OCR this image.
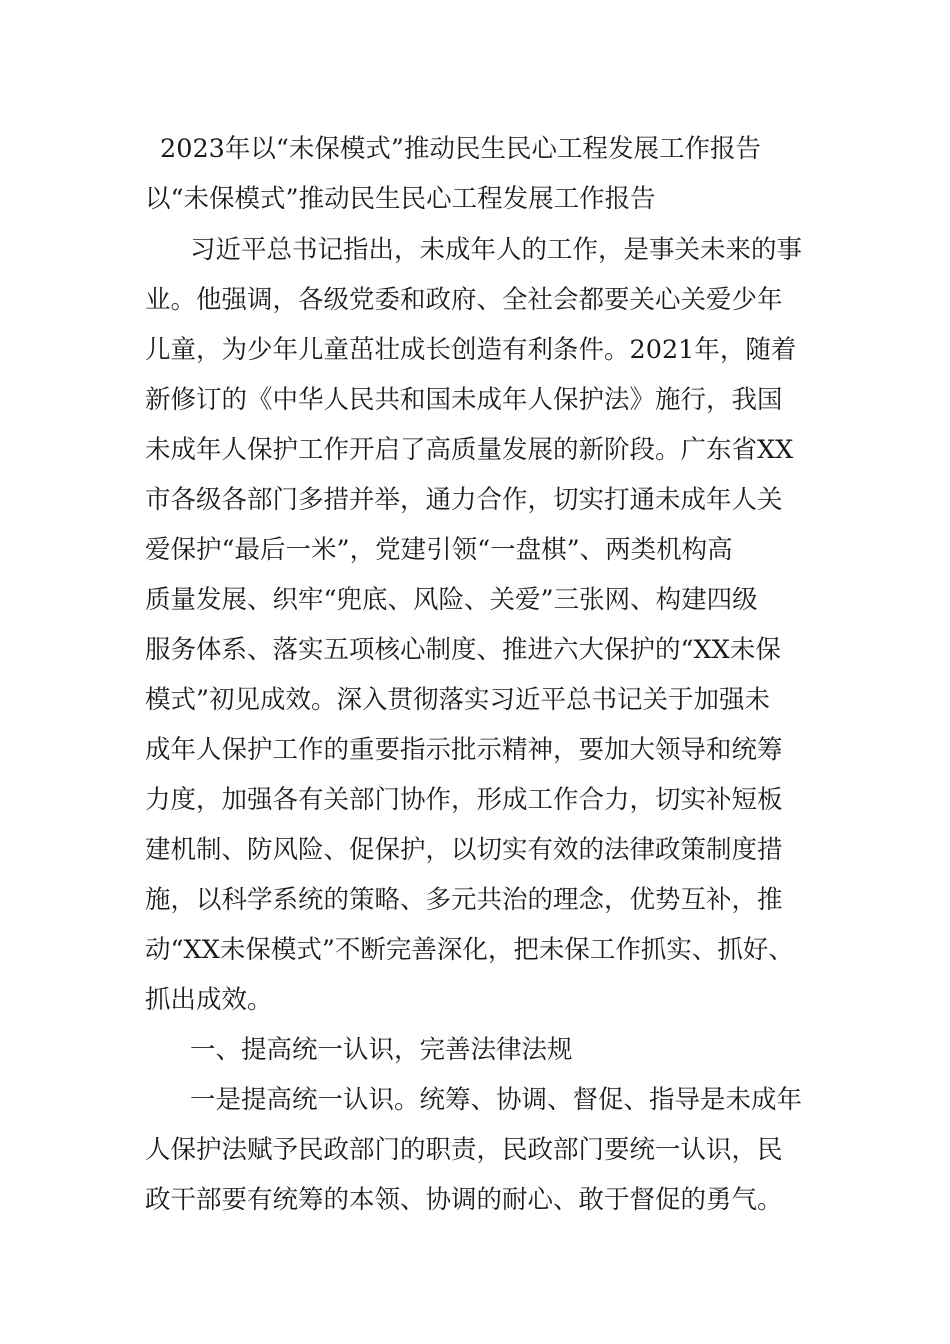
2023年以“未保模式”推动民生民心工程发展工作报告

以“未保模式”推动民生民心工程发展工作报告

习近平总书记指出，未成年人的工作，是事关未来的事

业。他强调，各级党委和政府、全社会都要关心关爱少年

儿童，为少年儿童茁壮成长创造有利条件。2021年，随着

新修订的《中华人民共和国未成年人保护法》施行，我国

未成年人保护工作开启了高质量发展的新阶段。广东省XX

市各级各部门多措并举，通力合作，切实打通未成年人关

爱保护“最后一米”，党建引领“一盘棋”、两类机构高

质量发展、织牢“兜底、风险、关爱”三张网、构建四级

服务体系、落实五项核心制度、推进六大保护的“XX未保

模式”初见成效。深入贯彻落实习近平总书记关于加强未

成年人保护工作的重要指示批示精神，要加大领导和统筹

力度，加强各有关部门协作，形成工作合力，切实补短板

建机制、防风险、促保护，以切实有效的法律政策制度措

施，以科学系统的策略、多元共治的理念，优势互补，推

动“XX未保模式”不断完善深化，把未保工作抓实、抓好、

抓出成效。

一、提高统一认识，完善法律法规

一是提高统一认识。统筹、协调、督促、指导是未成年

人保护法赋予民政部门的职责，民政部门要统一认识，民

政干部要有统筹的本领、协调的耐心、敢于督促的勇气。
